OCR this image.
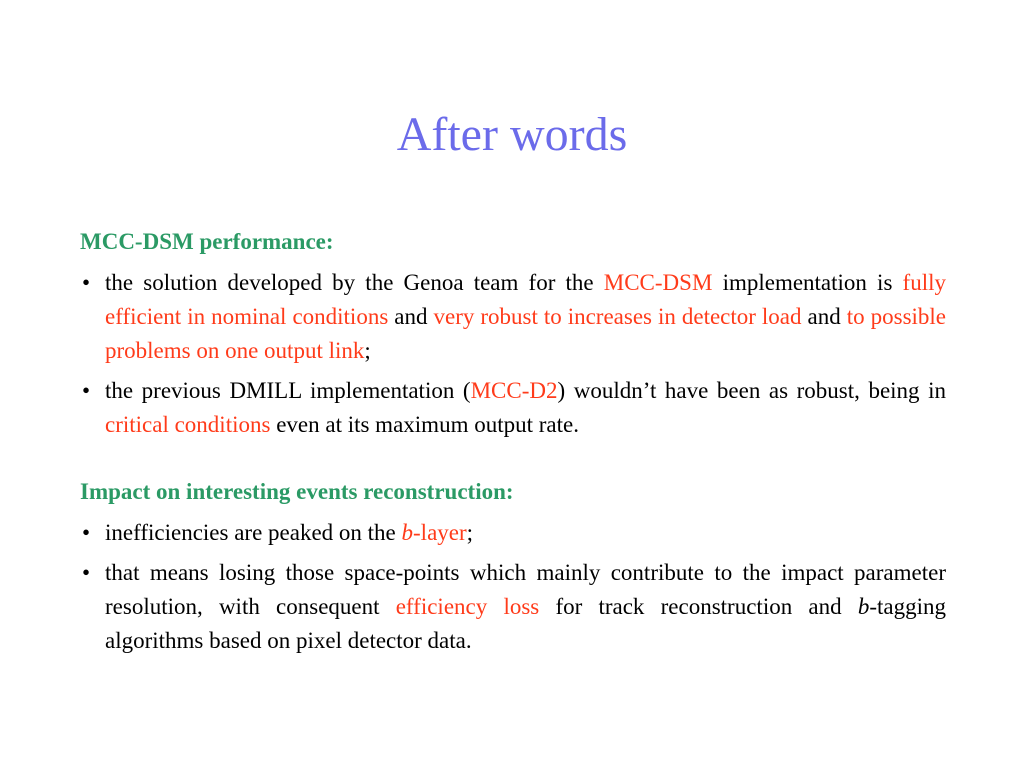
After words
MCC-DSM performance:
• the solution developed by the Genoa team for the MCC-DSM implementation is fully efficient in nominal conditions and very robust to increases in detector load and to possible problems on one output link;
• the previous DMILL implementation (MCC-D2) wouldn’t have been as robust, being in critical conditions even at its maximum output rate.
Impact on interesting events reconstruction:
• inefficiencies are peaked on the b-layer;
• that means losing those space-points which mainly contribute to the impact parameter resolution, with consequent efficiency loss for track reconstruction and b-tagging algorithms based on pixel detector data.
